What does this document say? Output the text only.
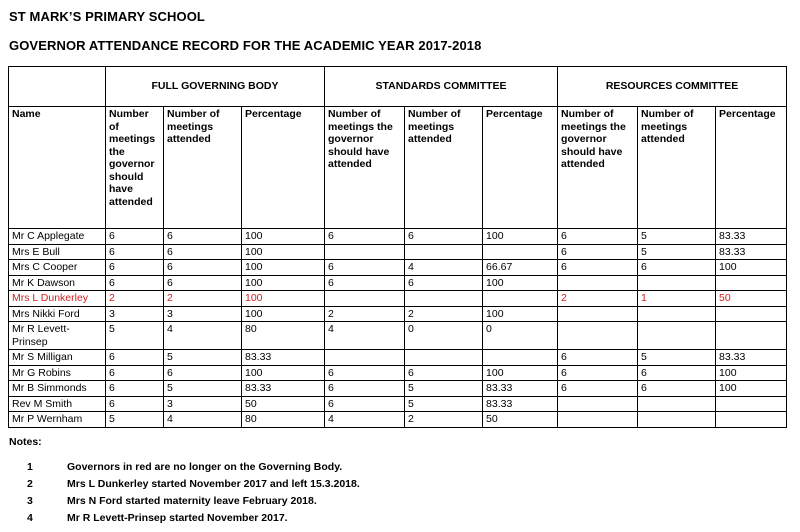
ST MARK’S PRIMARY SCHOOL
GOVERNOR ATTENDANCE RECORD FOR THE ACADEMIC YEAR 2017-2018
	FULL GOVERNING BODY			STANDARDS COMMITTEE			RESOURCES COMMITTEE		
Name	Number of meetings the governor should have attended	Number of meetings attended	Percentage	Number of meetings the governor should have attended	Number of meetings attended	Percentage	Number of meetings the governor should have attended	Number of meetings attended	Percentage
Mr C Applegate	6	6	100	6	6	100	6	5	83.33
Mrs E Bull	6	6	100				6	5	83.33
Mrs C Cooper	6	6	100	6	4	66.67	6	6	100
Mr K Dawson	6	6	100	6	6	100			
Mrs L Dunkerley	2	2	100				2	1	50
Mrs Nikki Ford	3	3	100	2	2	100			
Mr R Levett-Prinsep	5	4	80	4	0	0			
Mr S Milligan	6	5	83.33				6	5	83.33
Mr G Robins	6	6	100	6	6	100	6	6	100
Mr B Simmonds	6	5	83.33	6	5	83.33	6	6	100
Rev M Smith	6	3	50	6	5	83.33			
Mr P Wernham	5	4	80	4	2	50			
Notes:
1	Governors in red are no longer on the Governing Body.
2	Mrs L Dunkerley started November 2017 and left 15.3.2018.
3	Mrs N Ford started maternity leave February 2018.
4	Mr R Levett-Prinsep started November 2017.
